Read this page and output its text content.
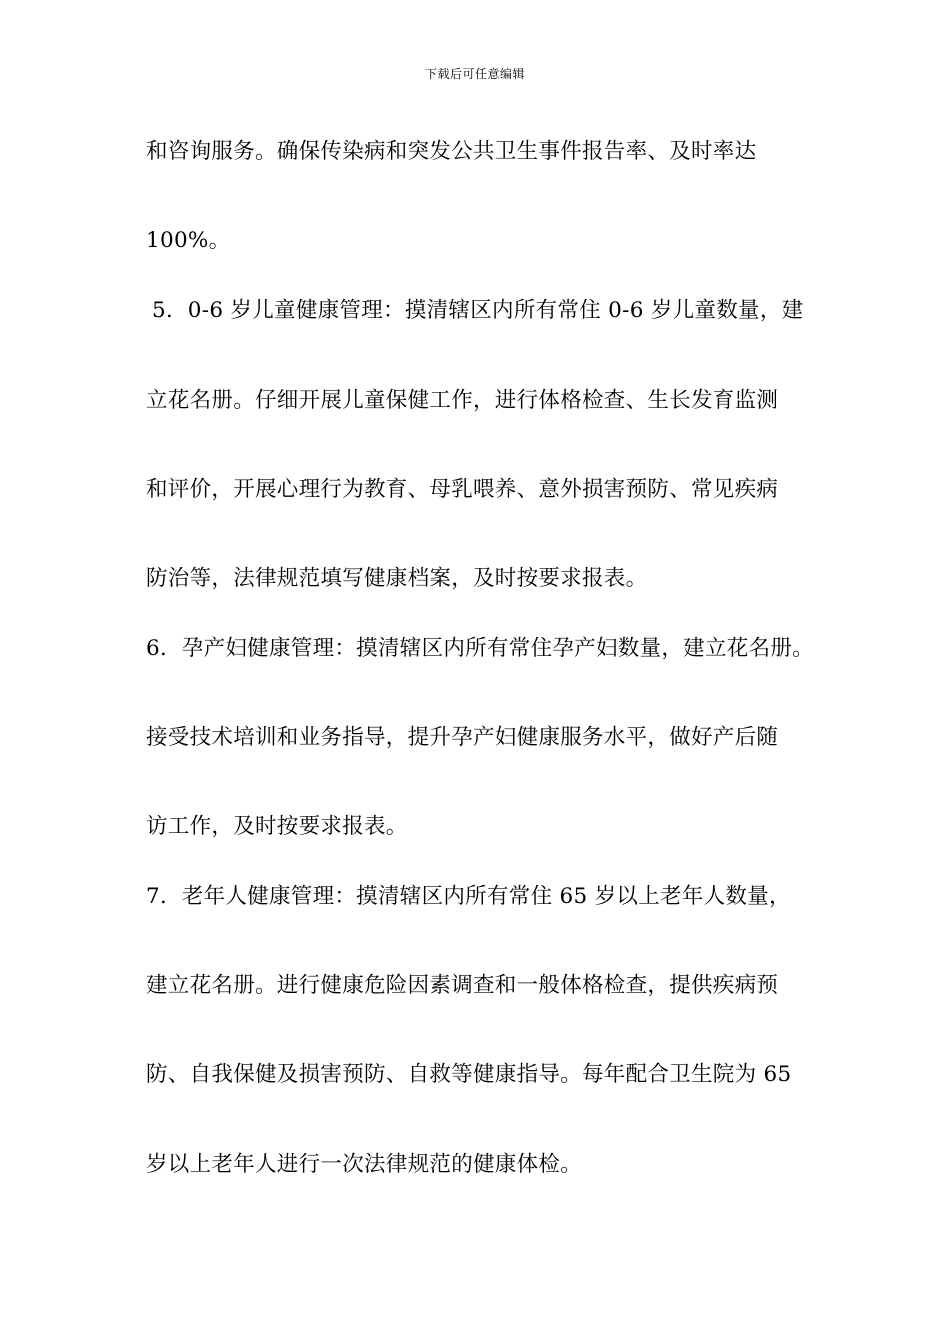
下载后可任意编辑
和咨询服务。确保传染病和突发公共卫生事件报告率、及时率达
100%。
5．0-6 岁儿童健康管理：摸清辖区内所有常住 0-6 岁儿童数量，建
立花名册。仔细开展儿童保健工作，进行体格检查、生长发育监测
和评价，开展心理行为教育、母乳喂养、意外损害预防、常见疾病
防治等，法律规范填写健康档案，及时按要求报表。
6．孕产妇健康管理：摸清辖区内所有常住孕产妇数量，建立花名册。
接受技术培训和业务指导，提升孕产妇健康服务水平，做好产后随
访工作，及时按要求报表。
7．老年人健康管理：摸清辖区内所有常住 65 岁以上老年人数量，
建立花名册。进行健康危险因素调查和一般体格检查，提供疾病预
防、自我保健及损害预防、自救等健康指导。每年配合卫生院为 65
岁以上老年人进行一次法律规范的健康体检。
